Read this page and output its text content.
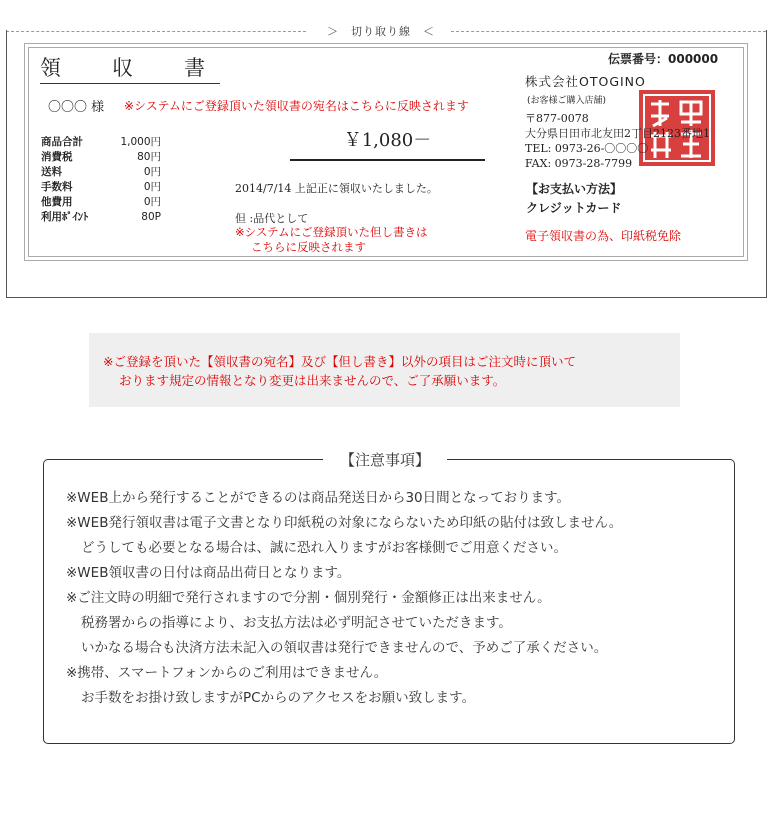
＞　切り取り線　＜
領　収　書	伝票番号：000000
〇〇〇 様 ※システムにご登録頂いた領収書の宛名はこちらに反映されます
商品合計	1,000円
消費税	80円
送料	0円
手数料	0円
他費用	0円
利用ﾎﾟｲﾝﾄ	80P
￥1,080－
2014/7/14 上記正に領収いたしました。
但 :品代として
※システムにご登録頂いた但し書きは
こちらに反映されます
株式会社OTOGINO
(お客様ご購入店舗)
〒877-0078
大分県日田市北友田2丁目2123番地1
TEL: 0973-26-〇〇〇〇
FAX: 0973-28-7799
【お支払い方法】
クレジットカード
電子領収書の為、印紙税免除

※ご登録を頂いた【領収書の宛名】及び【但し書き】以外の項目はご注文時に頂いて

おります規定の情報となり変更は出来ませんので、ご了承願います。

【注意事項】
※WEB上から発行することができるのは商品発送日から30日間となっております。
※WEB発行領収書は電子文書となり印紙税の対象にならないため印紙の貼付は致しません。
どうしても必要となる場合は、誠に恐れ入りますがお客様側でご用意ください。
※WEB領収書の日付は商品出荷日となります。
※ご注文時の明細で発行されますので分割・個別発行・金額修正は出来ません。
税務署からの指導により、お支払方法は必ず明記させていただきます。
いかなる場合も決済方法未記入の領収書は発行できませんので、予めご了承ください。
※携帯、スマートフォンからのご利用はできません。
お手数をお掛け致しますがPCからのアクセスをお願い致します。
